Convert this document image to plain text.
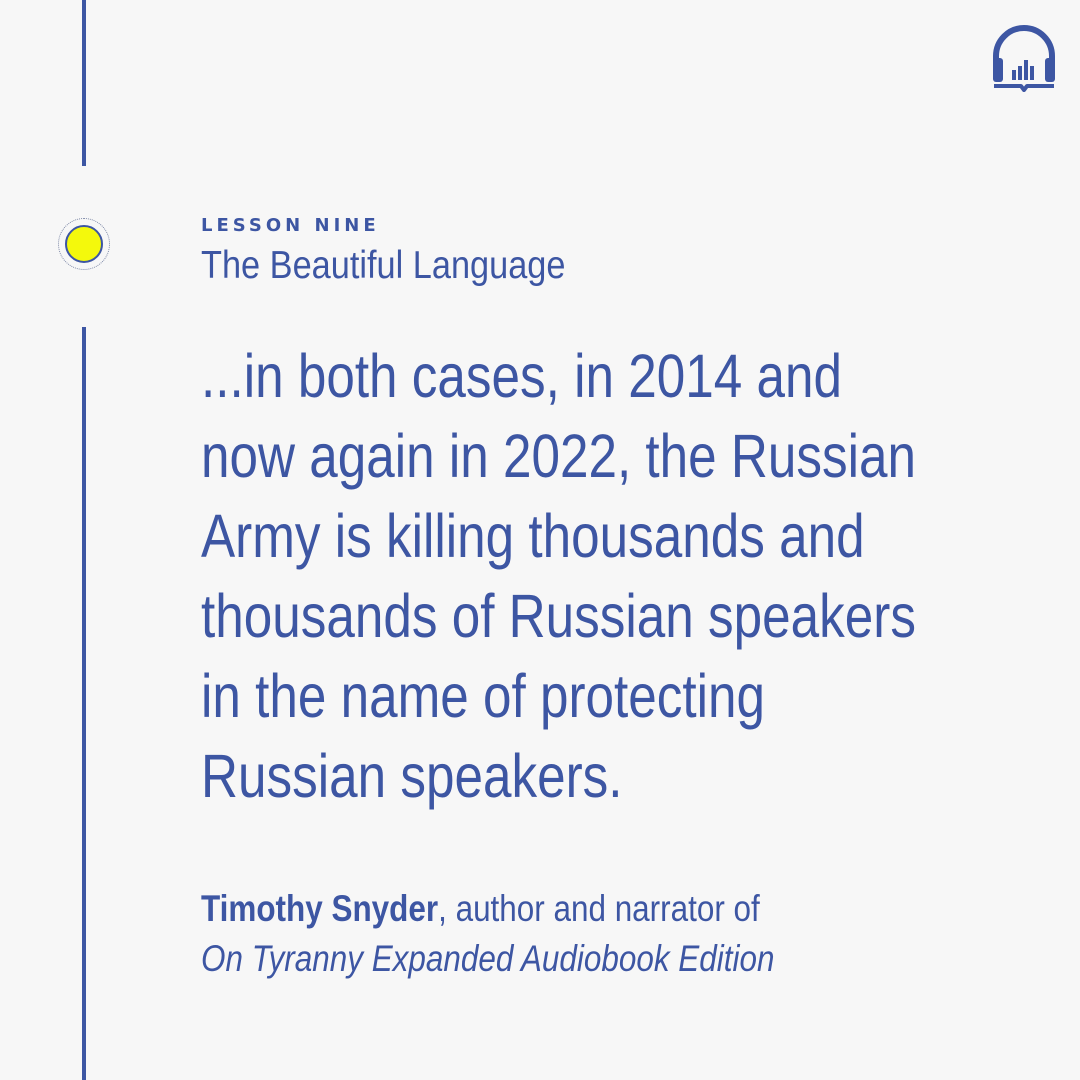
LESSON NINE
The Beautiful Language
...in both cases, in 2014 and
now again in 2022, the Russian
Army is killing thousands and
thousands of Russian speakers
in the name of protecting
Russian speakers.
Timothy Snyder, author and narrator of
On Tyranny Expanded Audiobook Edition
